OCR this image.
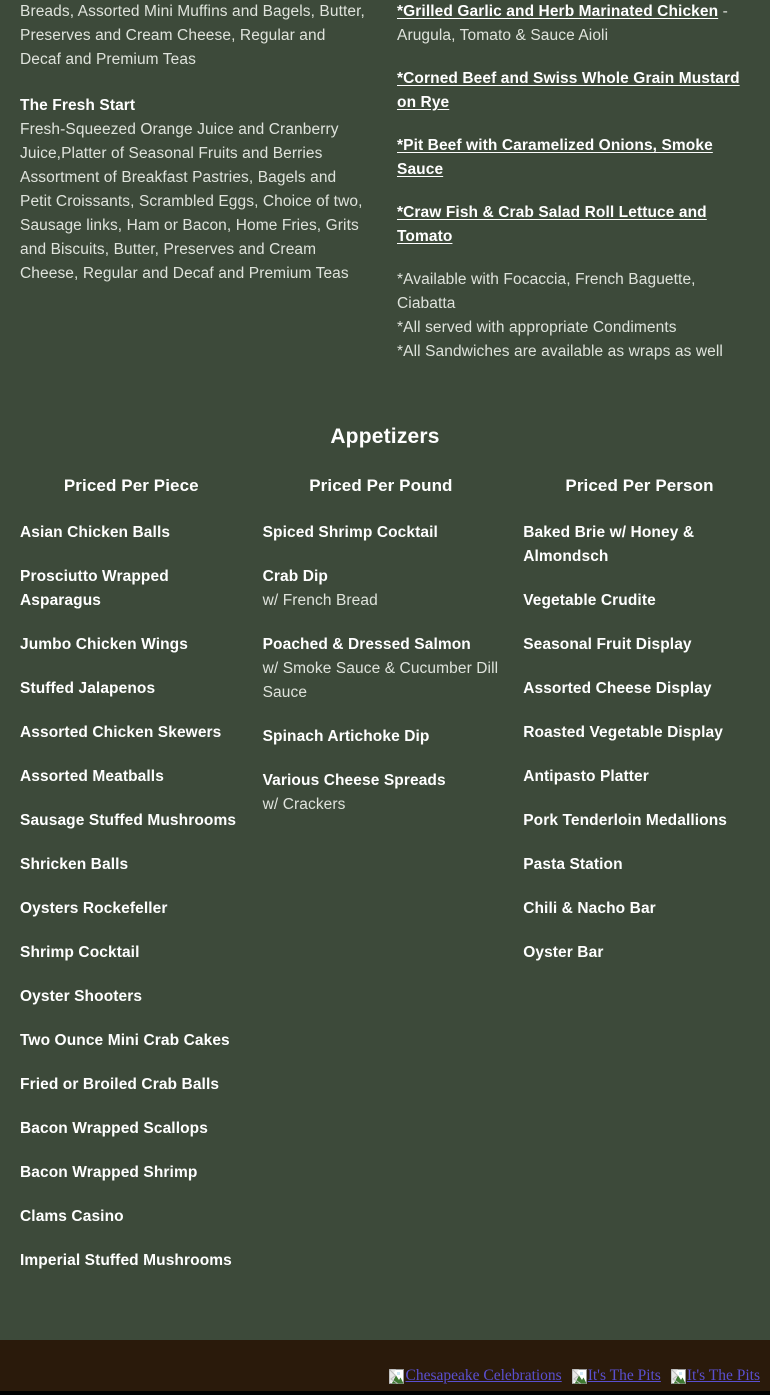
Breads, Assorted Mini Muffins and Bagels, Butter, Preserves and Cream Cheese, Regular and Decaf and Premium Teas

The Fresh Start

Fresh-Squeezed Orange Juice and Cranberry Juice,Platter of Seasonal Fruits and Berries Assortment of Breakfast Pastries, Bagels and Petit Croissants, Scrambled Eggs, Choice of two, Sausage links, Ham or Bacon, Home Fries, Grits and Biscuits, Butter, Preserves and Cream Cheese, Regular and Decaf and Premium Teas

*Grilled Garlic and Herb Marinated Chicken - Arugula, Tomato & Sauce Aioli
*Corned Beef and Swiss Whole Grain Mustard on Rye
*Pit Beef with Caramelized Onions, Smoke Sauce
*Craw Fish & Crab Salad Roll Lettuce and Tomato
*Available with Focaccia, French Baguette, Ciabatta
*All served with appropriate Condiments
*All Sandwiches are available as wraps as well
Appetizers
Priced Per Piece
Asian Chicken Balls
Prosciutto Wrapped Asparagus
Jumbo Chicken Wings
Stuffed Jalapenos
Assorted Chicken Skewers
Assorted Meatballs
Sausage Stuffed Mushrooms
Shricken Balls
Oysters Rockefeller
Shrimp Cocktail
Oyster Shooters
Two Ounce Mini Crab Cakes
Fried or Broiled Crab Balls
Bacon Wrapped Scallops
Bacon Wrapped Shrimp
Clams Casino
Imperial Stuffed Mushrooms
Priced Per Pound
Spiced Shrimp Cocktail
Crab Dip
w/ French Bread
Poached & Dressed Salmon
w/ Smoke Sauce & Cucumber Dill Sauce
Spinach Artichoke Dip
Various Cheese Spreads
w/ Crackers
Priced Per Person
Baked Brie w/ Honey & Almondsch
Vegetable Crudite
Seasonal Fruit Display
Assorted Cheese Display
Roasted Vegetable Display
Antipasto Platter
Pork Tenderloin Medallions
Pasta Station
Chili & Nacho Bar
Oyster Bar
Chesapeake Celebrations It's The Pits It's The Pits
